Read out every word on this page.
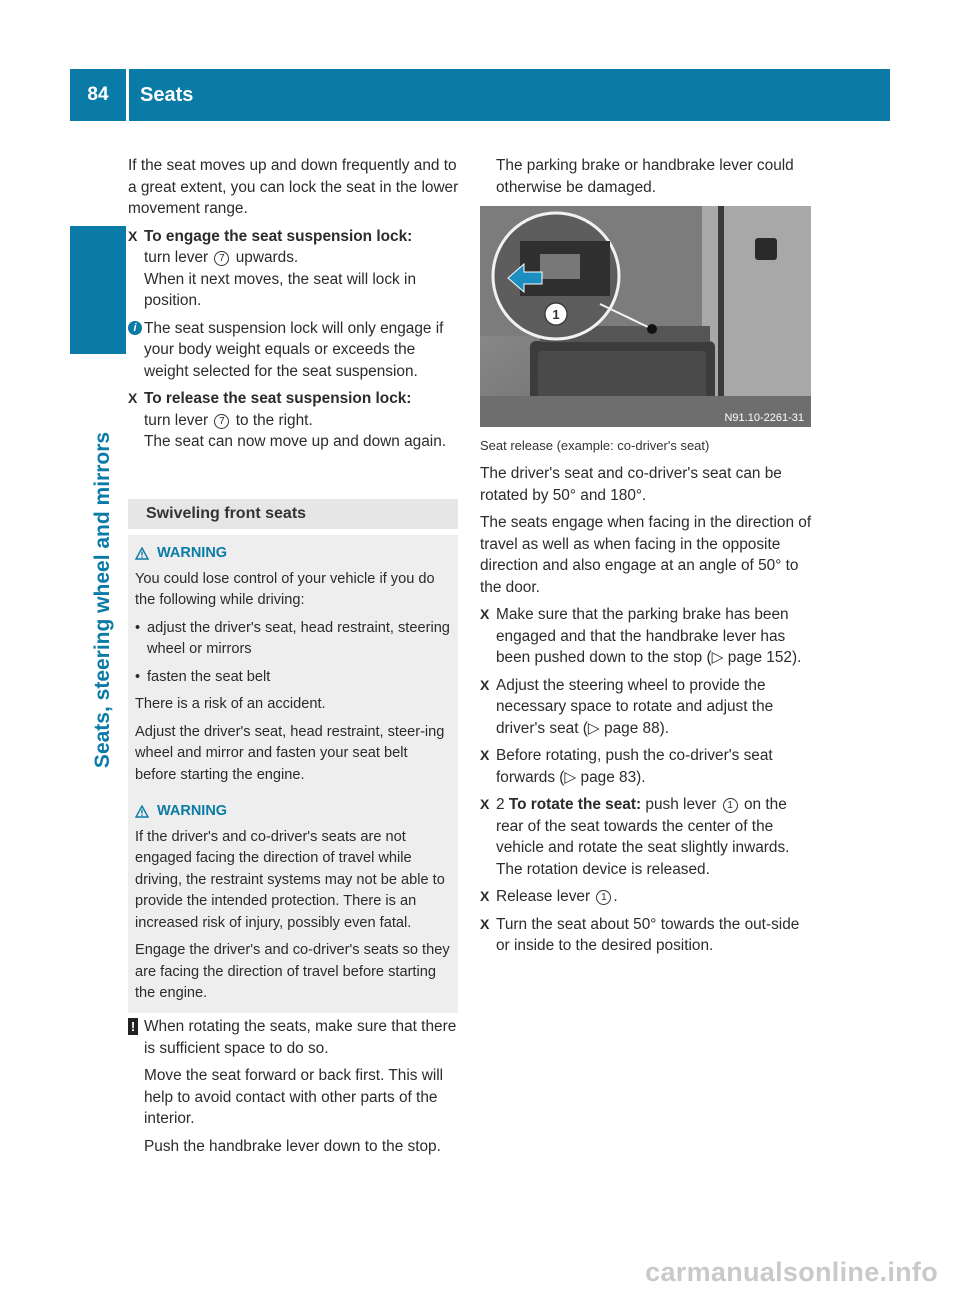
84	Seats
Seats, steering wheel and mirrors

If the seat moves up and down frequently and to a great extent, you can lock the seat in the lower movement range.

X To engage the seat suspension lock:
turn lever 7 upwards.
When it next moves, the seat will lock in position.
i The seat suspension lock will only engage if your body weight equals or exceeds the weight selected for the seat suspension.
X To release the seat suspension lock:
turn lever 7 to the right.
The seat can now move up and down again.
Swiveling front seats
WARNING

You could lose control of your vehicle if you do the following while driving:

• adjust the driver's seat, head restraint, steering wheel or mirrors
• fasten the seat belt

There is a risk of an accident.

Adjust the driver's seat, head restraint, steer-ing wheel and mirror and fasten your seat belt before starting the engine.

WARNING

If the driver's and co-driver's seats are not engaged facing the direction of travel while driving, the restraint systems may not be able to provide the intended protection. There is an increased risk of injury, possibly even fatal.

Engage the driver's and co-driver's seats so they are facing the direction of travel before starting the engine.

! When rotating the seats, make sure that there is sufficient space to do so.

Move the seat forward or back first. This will help to avoid contact with other parts of the interior.

Push the handbrake lever down to the stop.

The parking brake or handbrake lever could otherwise be damaged.

1
N91.10-2261-31
Seat release (example: co-driver's seat)

The driver's seat and co-driver's seat can be rotated by 50° and 180°.

The seats engage when facing in the direction of travel as well as when facing in the opposite direction and also engage at an angle of 50° to the door.

X Make sure that the parking brake has been engaged and that the handbrake lever has been pushed down to the stop (▷ page 152).
X Adjust the steering wheel to provide the necessary space to rotate and adjust the driver's seat (▷ page 88).
X Before rotating, push the co-driver's seat forwards (▷ page 83).
X 2 To rotate the seat: push lever 1 on the rear of the seat towards the center of the vehicle and rotate the seat slightly inwards. The rotation device is released.
X Release lever 1 .
X Turn the seat about 50° towards the out-side or inside to the desired position.
carmanualsonline.info
